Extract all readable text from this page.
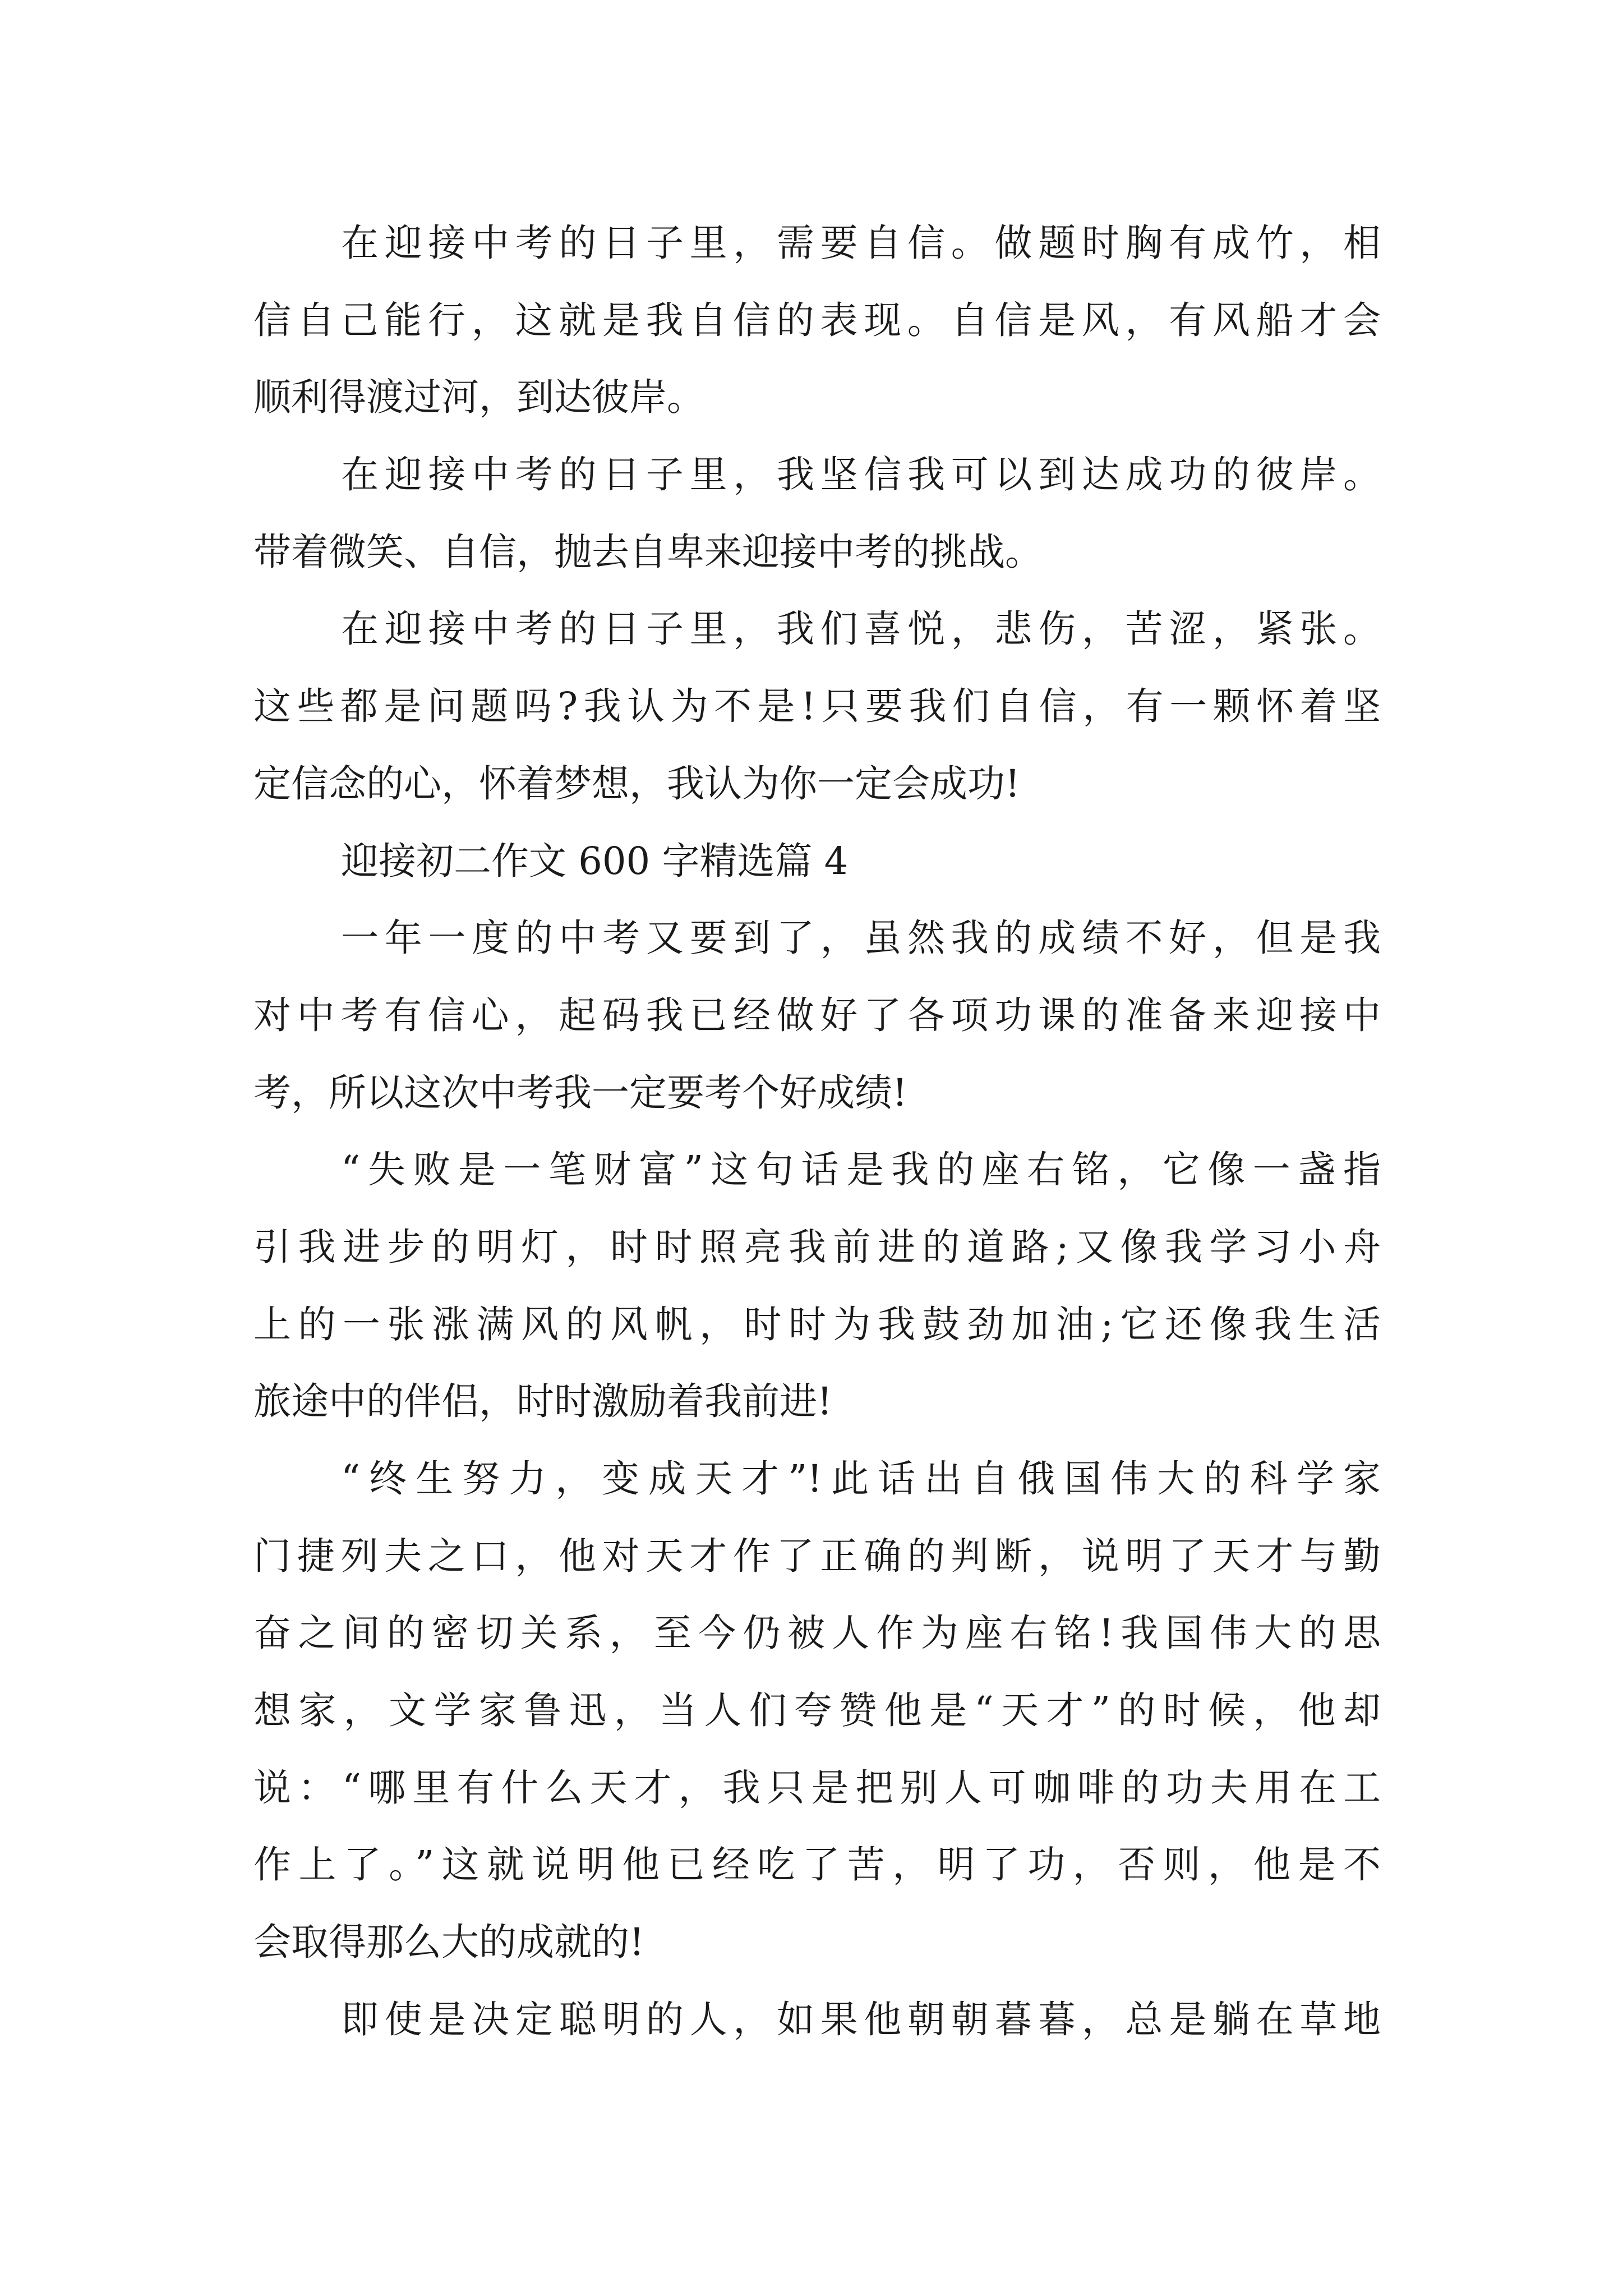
在迎接中考的日子里，需要自信。做题时胸有成竹，相
信自己能行，这就是我自信的表现。自信是风，有风船才会
顺利得渡过河，到达彼岸。
在迎接中考的日子里，我坚信我可以到达成功的彼岸。
带着微笑、自信，抛去自卑来迎接中考的挑战。
在迎接中考的日子里，我们喜悦，悲伤，苦涩，紧张。
这些都是问题吗?我认为不是!只要我们自信，有一颗怀着坚
定信念的心，怀着梦想，我认为你一定会成功!
迎接初二作文 600 字精选篇 4
一年一度的中考又要到了，虽然我的成绩不好，但是我
对中考有信心，起码我已经做好了各项功课的准备来迎接中
考，所以这次中考我一定要考个好成绩!
“失败是一笔财富”这句话是我的座右铭，它像一盏指
引我进步的明灯，时时照亮我前进的道路;又像我学习小舟
上的一张涨满风的风帆，时时为我鼓劲加油;它还像我生活
旅途中的伴侣，时时激励着我前进!
“终生努力，变成天才”!此话出自俄国伟大的科学家
门捷列夫之口，他对天才作了正确的判断，说明了天才与勤
奋之间的密切关系，至今仍被人作为座右铭!我国伟大的思
想家，文学家鲁迅，当人们夸赞他是“天才”的时候，他却
说：“哪里有什么天才，我只是把别人可咖啡的功夫用在工
作上了。”这就说明他已经吃了苦，明了功，否则，他是不
会取得那么大的成就的!
即使是决定聪明的人，如果他朝朝暮暮，总是躺在草地
